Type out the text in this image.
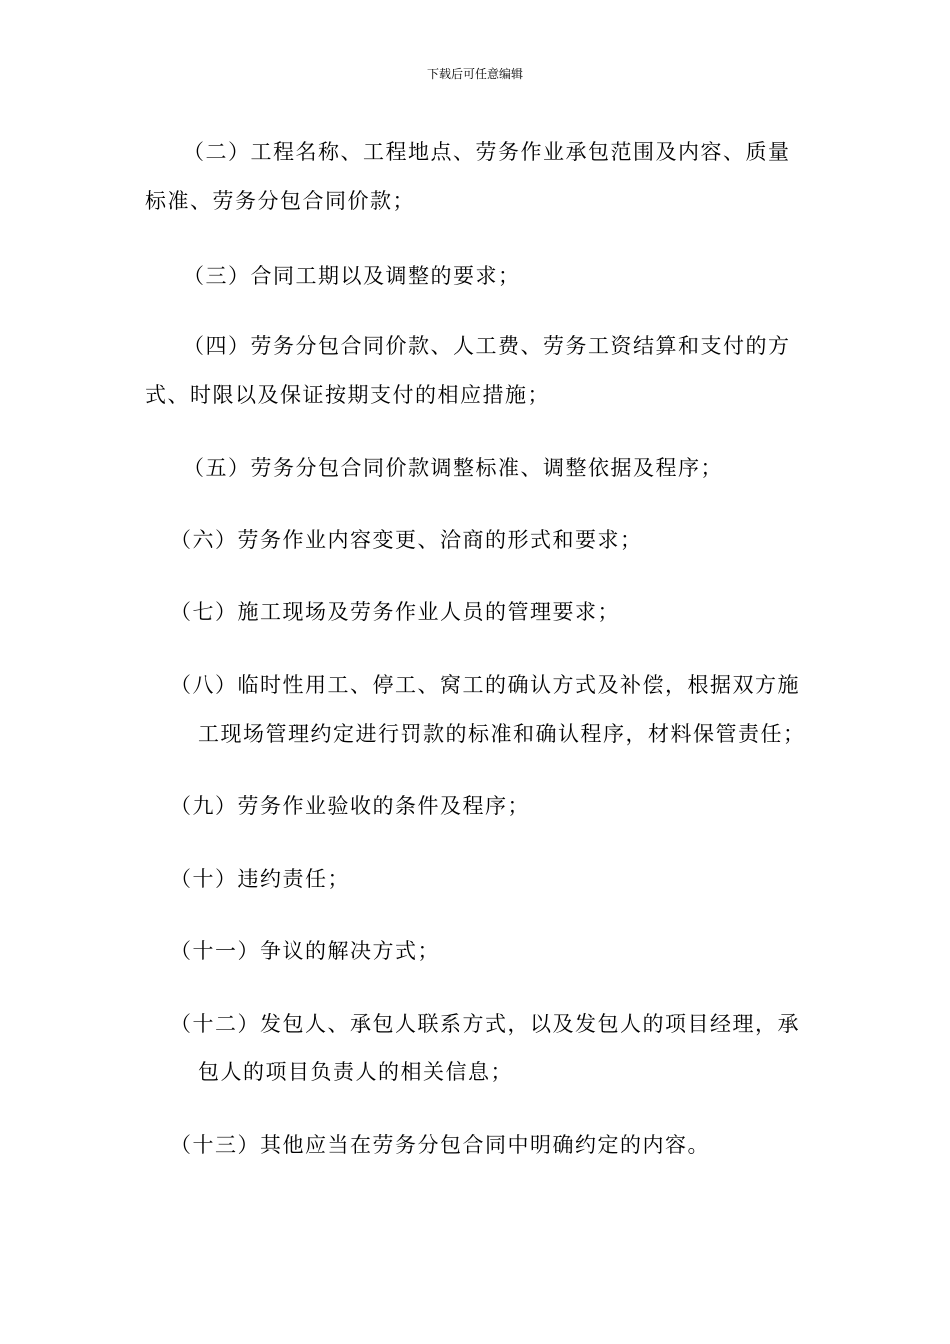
下载后可任意编辑
（二）工程名称、工程地点、劳务作业承包范围及内容、质量
标准、劳务分包合同价款；
（三）合同工期以及调整的要求；
（四）劳务分包合同价款、人工费、劳务工资结算和支付的方
式、时限以及保证按期支付的相应措施；
（五）劳务分包合同价款调整标准、调整依据及程序；
（六）劳务作业内容变更、洽商的形式和要求；
（七）施工现场及劳务作业人员的管理要求；
（八）临时性用工、停工、窝工的确认方式及补偿，根据双方施
工现场管理约定进行罚款的标准和确认程序，材料保管责任；
（九）劳务作业验收的条件及程序；
（十）违约责任；
（十一）争议的解决方式；
（十二）发包人、承包人联系方式，以及发包人的项目经理，承
包人的项目负责人的相关信息；
（十三）其他应当在劳务分包合同中明确约定的内容。
